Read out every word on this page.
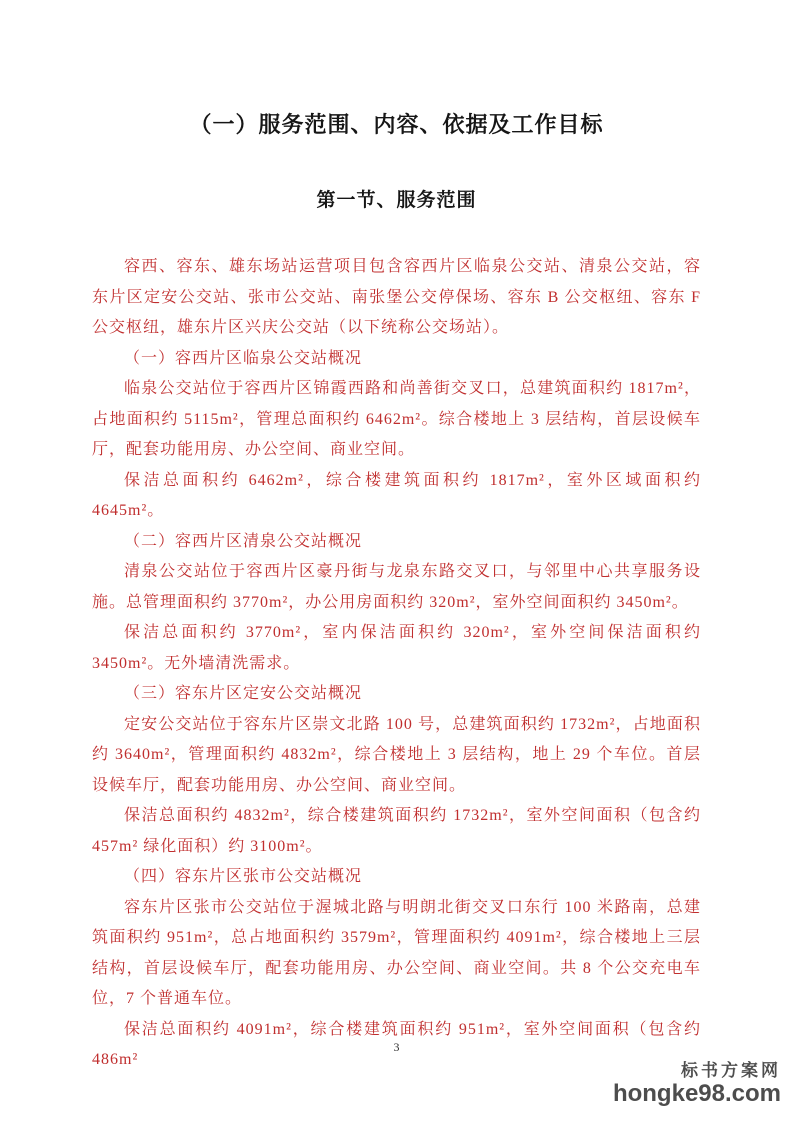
（一）服务范围、内容、依据及工作目标
第一节、服务范围

容西、容东、雄东场站运营项目包含容西片区临泉公交站、清泉公交站，容东片区定安公交站、张市公交站、南张堡公交停保场、容东 B 公交枢纽、容东 F 公交枢纽，雄东片区兴庆公交站（以下统称公交场站）。

（一）容西片区临泉公交站概况

临泉公交站位于容西片区锦霞西路和尚善街交叉口，总建筑面积约 1817m²，占地面积约 5115m²，管理总面积约 6462m²。综合楼地上 3 层结构，首层设候车厅，配套功能用房、办公空间、商业空间。

保洁总面积约 6462m²，综合楼建筑面积约 1817m²，室外区域面积约 4645m²。

（二）容西片区清泉公交站概况

清泉公交站位于容西片区豪丹街与龙泉东路交叉口，与邻里中心共享服务设施。总管理面积约 3770m²，办公用房面积约 320m²，室外空间面积约 3450m²。

保洁总面积约 3770m²，室内保洁面积约 320m²，室外空间保洁面积约 3450m²。无外墙清洗需求。

（三）容东片区定安公交站概况

定安公交站位于容东片区崇文北路 100 号，总建筑面积约 1732m²，占地面积约 3640m²，管理面积约 4832m²，综合楼地上 3 层结构，地上 29 个车位。首层设候车厅，配套功能用房、办公空间、商业空间。

保洁总面积约 4832m²，综合楼建筑面积约 1732m²，室外空间面积（包含约 457m² 绿化面积）约 3100m²。

（四）容东片区张市公交站概况

容东片区张市公交站位于渥城北路与明朗北街交叉口东行 100 米路南，总建筑面积约 951m²，总占地面积约 3579m²，管理面积约 4091m²，综合楼地上三层结构，首层设候车厅，配套功能用房、办公空间、商业空间。共 8 个公交充电车位，7 个普通车位。

保洁总面积约 4091m²，综合楼建筑面积约 951m²，室外空间面积（包含约 486m²

3
标书方案网
hongke98.com
